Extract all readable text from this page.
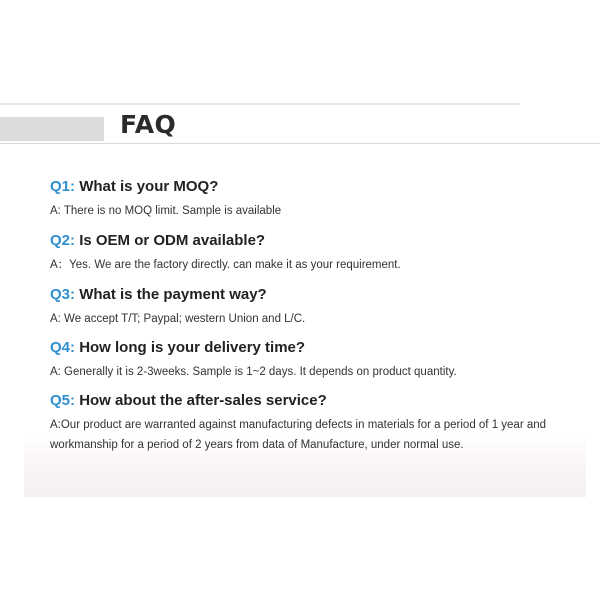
FAQ
Q1: What is your MOQ?
A: There is no MOQ limit. Sample is available
Q2: Is OEM or ODM available?
A：Yes. We are the factory directly. can make it as your requirement.
Q3: What is the payment way?
A: We accept T/T; Paypal; western Union and L/C.
Q4: How long is your delivery time?
A: Generally it is 2-3weeks. Sample is 1~2 days. It depends on product quantity.
Q5: How about the after-sales service?
A:Our product are warranted against manufacturing defects in materials for a period of 1 year and workmanship for a period of 2 years from data of Manufacture, under normal use.
